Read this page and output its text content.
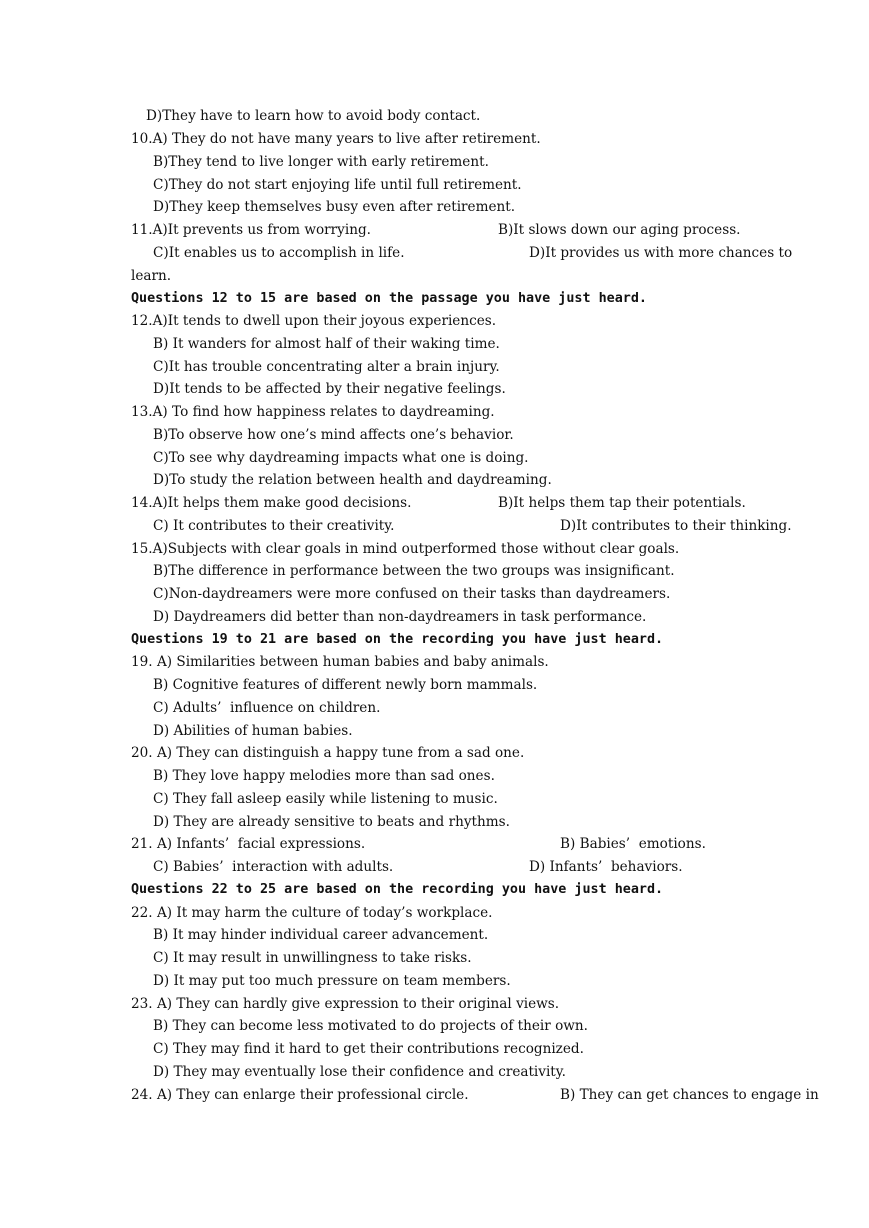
D)They have to learn how to avoid body contact.
10.A) They do not have many years to live after retirement.
B)They tend to live longer with early retirement.
C)They do not start enjoying life until full retirement.
D)They keep themselves busy even after retirement.

11.A)It prevents us from worrying.

	B)It slows down our aging process.

C)It enables us to accomplish in life.

	D)It provides us with more chances to

learn.
Questions 12 to 15 are based on the passage you have just heard.
12.A)It tends to dwell upon their joyous experiences.
B) It wanders for almost half of their waking time.
C)It has trouble concentrating alter a brain injury.
D)It tends to be affected by their negative feelings.
13.A) To find how happiness relates to daydreaming.
B)To observe how one’s mind affects one’s behavior.
C)To see why daydreaming impacts what one is doing.
D)To study the relation between health and daydreaming.

14.A)It helps them make good decisions.

	B)It helps them tap their potentials.

C) It contributes to their creativity.

	D)It contributes to their thinking.

15.A)Subjects with clear goals in mind outperformed those without clear goals.
B)The difference in performance between the two groups was insignificant.
C)Non-daydreamers were more confused on their tasks than daydreamers.
D) Daydreamers did better than non-daydreamers in task performance.
Questions 19 to 21 are based on the recording you have just heard.
19. A) Similarities between human babies and baby animals.
B) Cognitive features of different newly born mammals.
C) Adults’  influence on children.
D) Abilities of human babies.
20. A) They can distinguish a happy tune from a sad one.
B) They love happy melodies more than sad ones.
C) They fall asleep easily while listening to music.
D) They are already sensitive to beats and rhythms.

21. A) Infants’  facial expressions.

	B) Babies’  emotions.

C) Babies’  interaction with adults.

	D) Infants’  behaviors.

Questions 22 to 25 are based on the recording you have just heard.
22. A) It may harm the culture of today’s workplace.
B) It may hinder individual career advancement.
C) It may result in unwillingness to take risks.
D) It may put too much pressure on team members.
23. A) They can hardly give expression to their original views.
B) They can become less motivated to do projects of their own.
C) They may find it hard to get their contributions recognized.
D) They may eventually lose their confidence and creativity.

24. A) They can enlarge their professional circle.

	B) They can get chances to engage in
